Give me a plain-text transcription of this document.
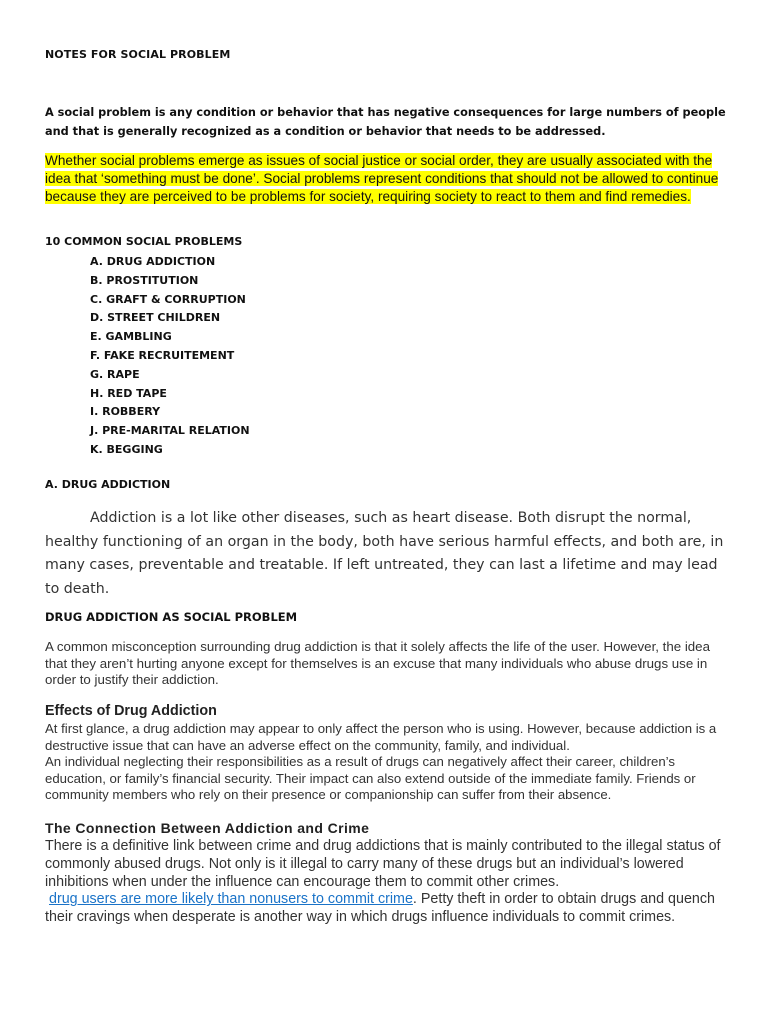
NOTES FOR SOCIAL PROBLEM

A social problem is any condition or behavior that has negative consequences for large numbers of people and that is generally recognized as a condition or behavior that needs to be addressed.

Whether social problems emerge as issues of social justice or social order, they are usually associated with the idea that ‘something must be done’. Social problems represent conditions that should not be allowed to continue because they are perceived to be problems for society, requiring society to react to them and find remedies.

10 COMMON SOCIAL PROBLEMS

A. DRUG ADDICTION
B. PROSTITUTION
C. GRAFT & CORRUPTION
D. STREET CHILDREN
E. GAMBLING
F. FAKE RECRUITEMENT
G. RAPE
H. RED TAPE
I. ROBBERY
J. PRE-MARITAL RELATION
K. BEGGING

A. DRUG ADDICTION

Addiction is a lot like other diseases, such as heart disease. Both disrupt the normal, healthy functioning of an organ in the body, both have serious harmful effects, and both are, in many cases, preventable and treatable. If left untreated, they can last a lifetime and may lead to death.

DRUG ADDICTION AS SOCIAL PROBLEM

A common misconception surrounding drug addiction is that it solely affects the life of the user. However, the idea that they aren’t hurting anyone except for themselves is an excuse that many individuals who abuse drugs use in order to justify their addiction.

Effects of Drug Addiction

At first glance, a drug addiction may appear to only affect the person who is using. However, because addiction is a destructive issue that can have an adverse effect on the community, family, and individual.

An individual neglecting their responsibilities as a result of drugs can negatively affect their career, children’s education, or family’s financial security. Their impact can also extend outside of the immediate family. Friends or community members who rely on their presence or companionship can suffer from their absence.

The Connection Between Addiction and Crime

There is a definitive link between crime and drug addictions that is mainly contributed to the illegal status of commonly abused drugs. Not only is it illegal to carry many of these drugs but an individual’s lowered inhibitions when under the influence can encourage them to commit other crimes.
drug users are more likely than nonusers to commit crime. Petty theft in order to obtain drugs and quench their cravings when desperate is another way in which drugs influence individuals to commit crimes.
